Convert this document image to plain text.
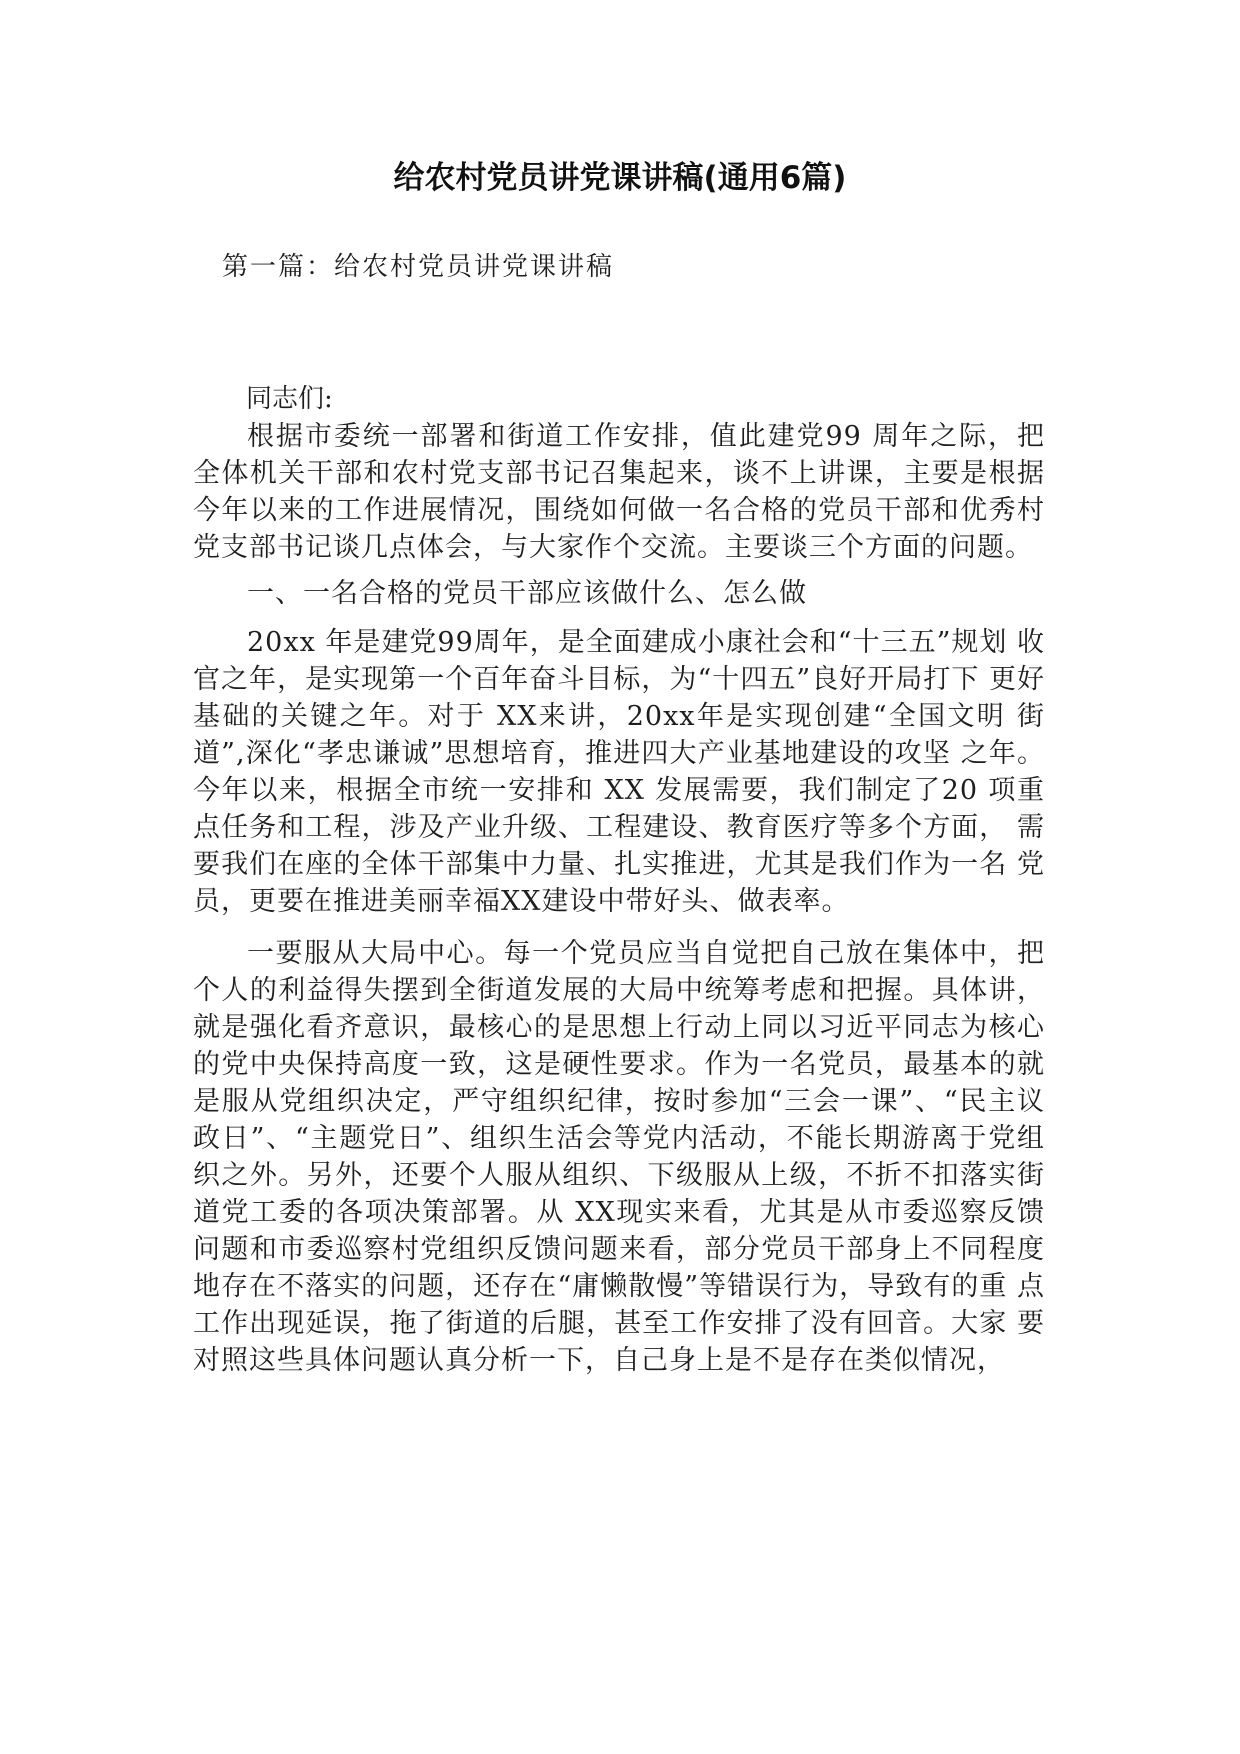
给农村党员讲党课讲稿(通用6篇)
第一篇：给农村党员讲党课讲稿
同志们:

根据市委统一部署和街道工作安排，值此建党99 周年之际，把全体机关干部和农村党支部书记召集起来，谈不上讲课，主要是根据今年以来的工作进展情况，围绕如何做一名合格的党员干部和优秀村党支部书记谈几点体会，与大家作个交流。主要谈三个方面的问题。

一、一名合格的党员干部应该做什么、怎么做

20xx 年是建党99周年，是全面建成小康社会和“十三五”规划 收官之年，是实现第一个百年奋斗目标，为“十四五”良好开局打下 更好基础的关键之年。对于 XX来讲，20xx年是实现创建“全国文明 街道”,深化“孝忠谦诚”思想培育，推进四大产业基地建设的攻坚 之年。今年以来，根据全市统一安排和 XX 发展需要，我们制定了20 项重点任务和工程，涉及产业升级、工程建设、教育医疗等多个方面， 需要我们在座的全体干部集中力量、扎实推进，尤其是我们作为一名 党员，更要在推进美丽幸福XX建设中带好头、做表率。

一要服从大局中心。每一个党员应当自觉把自己放在集体中，把个人的利益得失摆到全街道发展的大局中统筹考虑和把握。具体讲， 就是强化看齐意识，最核心的是思想上行动上同以习近平同志为核心 的党中央保持高度一致，这是硬性要求。作为一名党员，最基本的就 是服从党组织决定，严守组织纪律，按时参加“三会一课”、“民主议 政日”、“主题党日”、组织生活会等党内活动，不能长期游离于党组 织之外。另外，还要个人服从组织、下级服从上级，不折不扣落实街 道党工委的各项决策部署。从 XX现实来看，尤其是从市委巡察反馈 问题和市委巡察村党组织反馈问题来看，部分党员干部身上不同程度 地存在不落实的问题，还存在“庸懒散慢”等错误行为，导致有的重 点工作出现延误，拖了街道的后腿，甚至工作安排了没有回音。大家 要对照这些具体问题认真分析一下，自己身上是不是存在类似情况，
